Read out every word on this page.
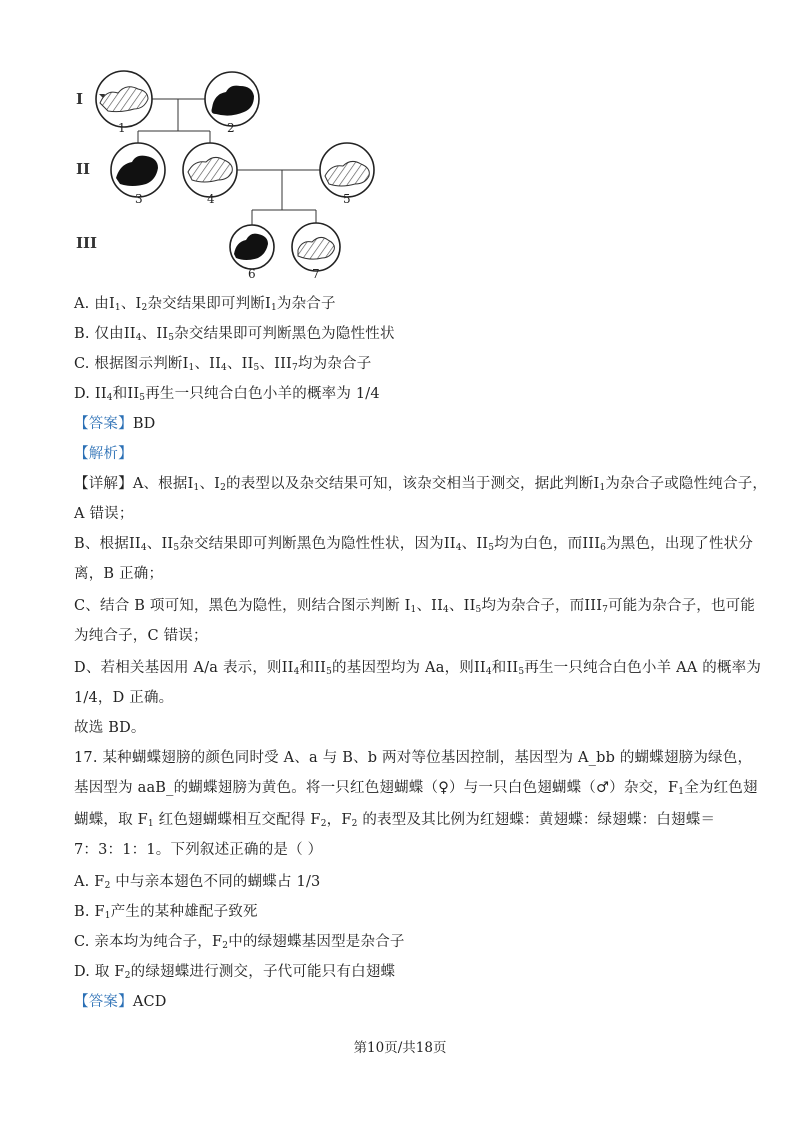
I
II
III
1	2
3	4	5
6	7
A. 由$I_1$、$I_2$杂交结果即可判断$I_1$为杂合子
B. 仅由$II_4$、$II_5$杂交结果即可判断黑色为隐性性状
C. 根据图示判断$I_1$、$II_4$、$II_5$、$III_7$均为杂合子
D. $II_4$和$II_5$再生一只纯合白色小羊的概率为 1/4
【答案】BD
【解析】
【详解】A、根据$I_1$、$I_2$的表型以及杂交结果可知，该杂交相当于测交，据此判断$I_1$为杂合子或隐性纯合子，
A 错误；
B、根据$II_4$、$II_5$杂交结果即可判断黑色为隐性性状，因为$II_4$、$II_5$均为白色，而$III_6$为黑色，出现了性状分
离，B 正确；
C、结合 B 项可知，黑色为隐性，则结合图示判断 $I_1$、$II_4$、$II_5$均为杂合子，而$III_7$可能为杂合子，也可能
为纯合子，C 错误；
D、若相关基因用 A/a 表示，则$II_4$和$II_5$的基因型均为 Aa，则$II_4$和$II_5$再生一只纯合白色小羊 AA 的概率为
1/4，D 正确。
故选 BD。
17. 某种蝴蝶翅膀的颜色同时受 A、a 与 B、b 两对等位基因控制，基因型为 A_bb 的蝴蝶翅膀为绿色，
基因型为 aaB_的蝴蝶翅膀为黄色。将一只红色翅蝴蝶（♀）与一只白色翅蝴蝶（♂）杂交，$F_1$全为红色翅
蝴蝶，取 $F_1$ 红色翅蝴蝶相互交配得 $F_2$，$F_2$ 的表型及其比例为红翅蝶：黄翅蝶：绿翅蝶：白翅蝶＝
7：3：1：1。下列叙述正确的是（ ）
A. $F_2$ 中与亲本翅色不同的蝴蝶占 1/3
B. $F_1$产生的某种雄配子致死
C. 亲本均为纯合子，$F_2$中的绿翅蝶基因型是杂合子
D. 取 $F_2$的绿翅蝶进行测交，子代可能只有白翅蝶
【答案】ACD
第10页/共18页
